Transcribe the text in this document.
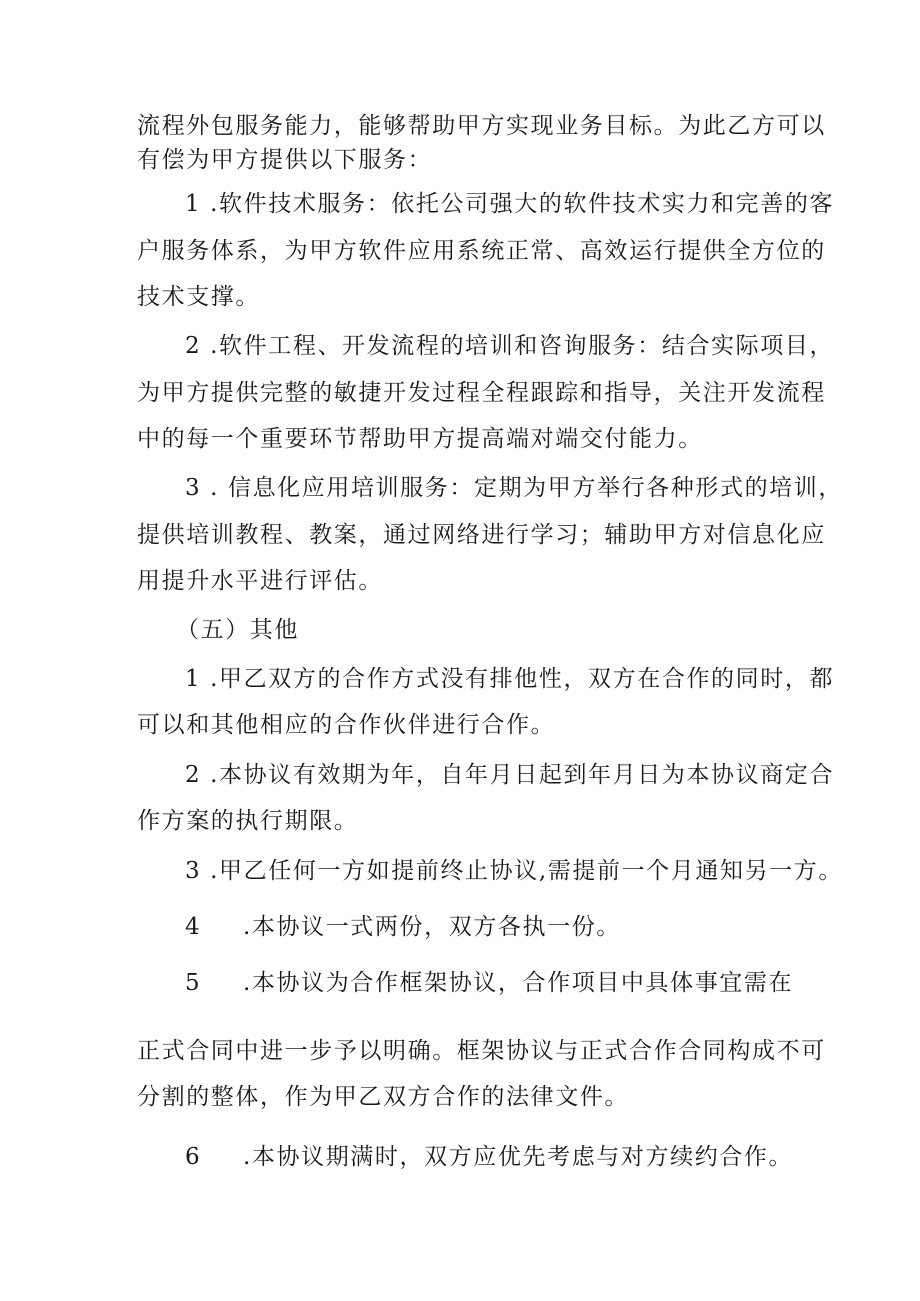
流程外包服务能力，能够帮助甲方实现业务目标。为此乙方可以
有偿为甲方提供以下服务：
1 .软件技术服务：依托公司强大的软件技术实力和完善的客
户服务体系，为甲方软件应用系统正常、高效运行提供全方位的
技术支撑。
2 .软件工程、开发流程的培训和咨询服务：结合实际项目，
为甲方提供完整的敏捷开发过程全程跟踪和指导，关注开发流程
中的每一个重要环节帮助甲方提高端对端交付能力。
3 . 信息化应用培训服务：定期为甲方举行各种形式的培训，
提供培训教程、教案，通过网络进行学习；辅助甲方对信息化应
用提升水平进行评估。
（五）其他
1 .甲乙双方的合作方式没有排他性，双方在合作的同时，都
可以和其他相应的合作伙伴进行合作。
2 .本协议有效期为年，自年月日起到年月日为本协议商定合
作方案的执行期限。
3 .甲乙任何一方如提前终止协议,需提前一个月通知另一方。
4 .本协议一式两份，双方各执一份。
5 .本协议为合作框架协议，合作项目中具体事宜需在
正式合同中进一步予以明确。框架协议与正式合作合同构成不可
分割的整体，作为甲乙双方合作的法律文件。
6 .本协议期满时，双方应优先考虑与对方续约合作。
